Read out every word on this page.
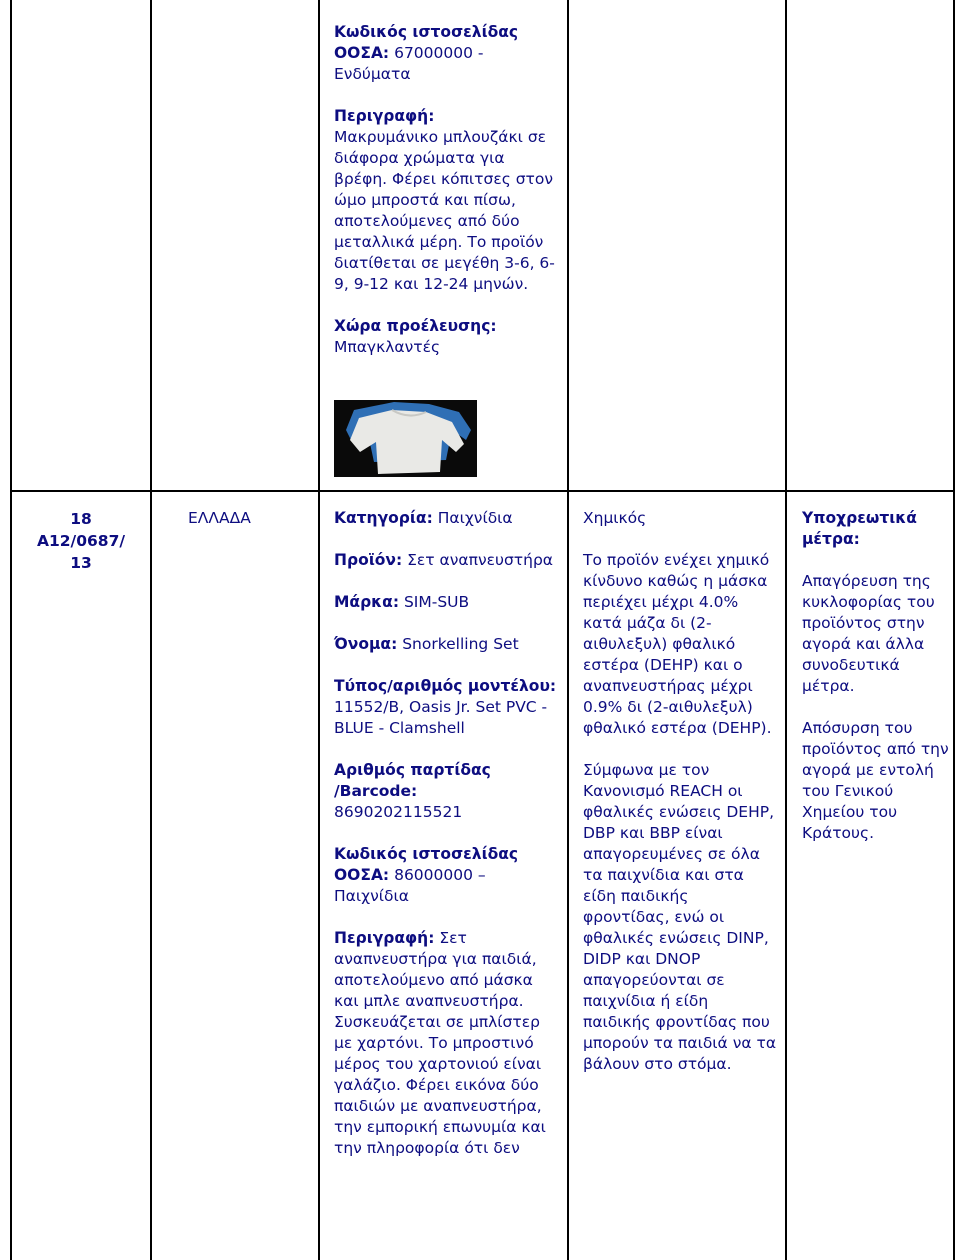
Κωδικός ιστοσελίδας ΟΟΣΑ: 67000000 - Ενδύματα

Περιγραφή:
Μακρυμάνικο μπλουζάκι σε διάφορα χρώματα για βρέφη. Φέρει κόπιτσες στον ώμο μπροστά και πίσω, αποτελούμενες από δύο μεταλλικά μέρη. Το προϊόν διατίθεται σε μεγέθη 3-6, 6-9, 9-12 και 12-24 μηνών.

Χώρα προέλευσης:
Μπαγκλαντές

18
A12/0687/
13
ΕΛΛΑΔΑ	Κατηγορία: Παιχνίδια

Προϊόν: Σετ αναπνευστήρα

Μάρκα: SIM-SUB

Όνομα: Snorkelling Set

Τύπος/αριθμός μοντέλου: 11552/B, Oasis Jr. Set PVC - BLUE - Clamshell

Αριθμός παρτίδας /Barcode:
8690202115521

Κωδικός ιστοσελίδας ΟΟΣΑ: 86000000 – Παιχνίδια

Περιγραφή: Σετ αναπνευστήρα για παιδιά, αποτελούμενο από μάσκα και μπλε αναπνευστήρα. Συσκευάζεται σε μπλίστερ με χαρτόνι. Το μπροστινό μέρος του χαρτονιού είναι γαλάζιο. Φέρει εικόνα δύο παιδιών με αναπνευστήρα, την εμπορική επωνυμία και την πληροφορία ότι δεν

Χημικός

Το προϊόν ενέχει χημικό κίνδυνο καθώς η μάσκα περιέχει μέχρι 4.0% κατά μάζα δι (2-αιθυλεξυλ) φθαλικό εστέρα (DEHP) και ο αναπνευστήρας μέχρι 0.9% δι (2-αιθυλεξυλ) φθαλικό εστέρα (DEHP).

Σύμφωνα με τον Κανονισμό REACH οι φθαλικές ενώσεις DEHP, DBP και BBP είναι απαγορευμένες σε όλα τα παιχνίδια και στα είδη παιδικής φροντίδας, ενώ οι φθαλικές ενώσεις DINP, DIDP και DNOP απαγορεύονται σε παιχνίδια ή είδη παιδικής φροντίδας που μπορούν τα παιδιά να τα βάλουν στο στόμα.

Υποχρεωτικά μέτρα:

Απαγόρευση της κυκλοφορίας του προϊόντος στην αγορά και άλλα συνοδευτικά μέτρα.

Απόσυρση του προϊόντος από την αγορά με εντολή του Γενικού Χημείου του Κράτους.
